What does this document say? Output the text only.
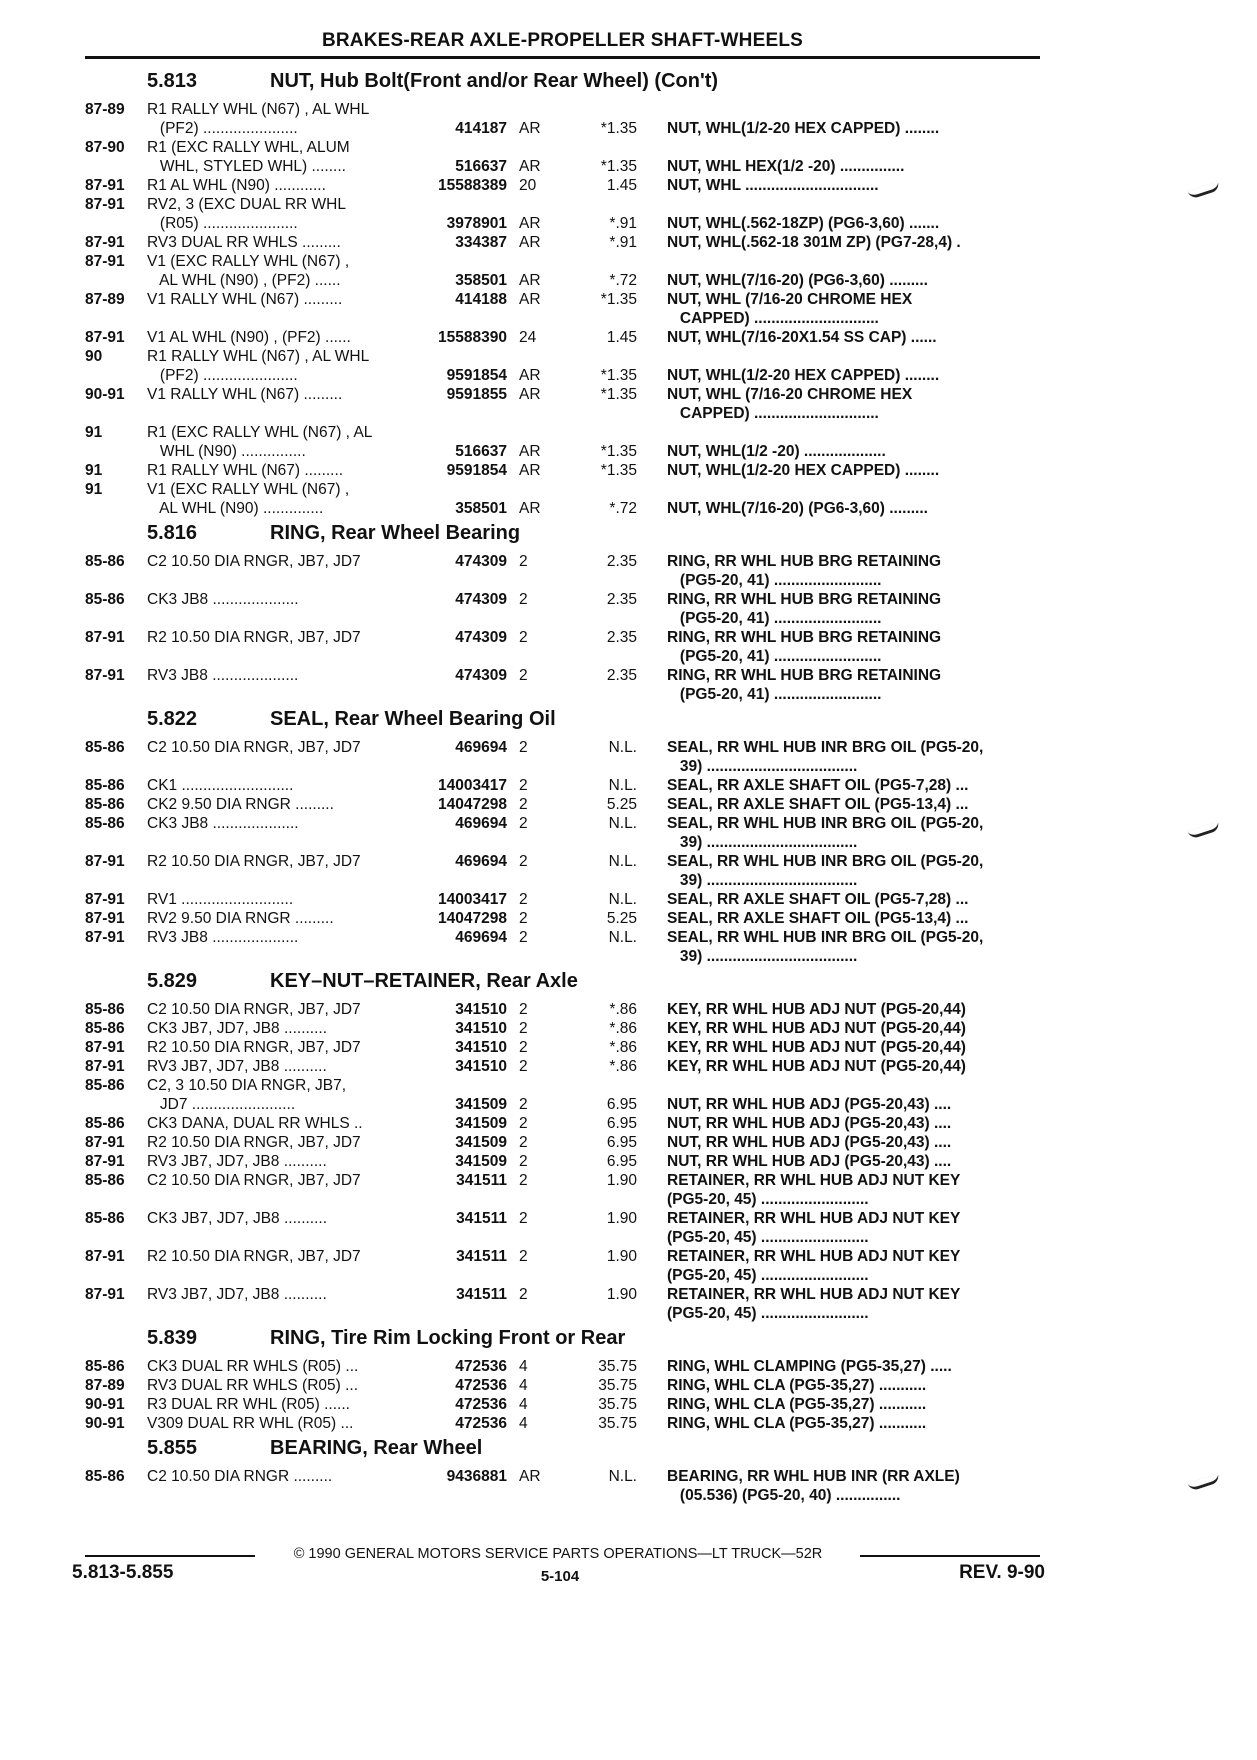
BRAKES-REAR AXLE-PROPELLER SHAFT-WHEELS
5.813	NUT, Hub Bolt(Front and/or Rear Wheel) (Con't)
87-89	R1 RALLY WHL (N67) , AL WHL
(PF2) ......................	414187 AR	*1.35	NUT, WHL(1/2-20 HEX CAPPED) ........
87-90	R1 (EXC RALLY WHL, ALUM
WHL, STYLED WHL) ........	516637 AR	*1.35	NUT, WHL HEX(1/2 -20) ...............
87-91	R1 AL WHL (N90) ............	15588389 20	1.45	NUT, WHL ...............................
87-91	RV2, 3 (EXC DUAL RR WHL
(R05) ......................	3978901 AR	*.91	NUT, WHL(.562-18ZP) (PG6-3,60) .......
87-91	RV3 DUAL RR WHLS .........	334387 AR	*.91	NUT, WHL(.562-18 301M ZP) (PG7-28,4) .
87-91	V1 (EXC RALLY WHL (N67) ,
AL WHL (N90) , (PF2) ......	358501 AR	*.72	NUT, WHL(7/16-20) (PG6-3,60) .........
87-89	V1 RALLY WHL (N67) .........	414188 AR	*1.35	NUT, WHL (7/16-20 CHROME HEX
CAPPED) .............................
87-91	V1 AL WHL (N90) , (PF2) ......	15588390 24	1.45	NUT, WHL(7/16-20X1.54 SS CAP) ......
90	R1 RALLY WHL (N67) , AL WHL
(PF2) ......................	9591854 AR	*1.35	NUT, WHL(1/2-20 HEX CAPPED) ........
90-91	V1 RALLY WHL (N67) .........	9591855 AR	*1.35	NUT, WHL (7/16-20 CHROME HEX
CAPPED) .............................
91	R1 (EXC RALLY WHL (N67) , AL
WHL (N90) ...............	516637 AR	*1.35	NUT, WHL(1/2 -20) ...................
91	R1 RALLY WHL (N67) .........	9591854 AR	*1.35	NUT, WHL(1/2-20 HEX CAPPED) ........
91	V1 (EXC RALLY WHL (N67) ,
AL WHL (N90) ..............	358501 AR	*.72	NUT, WHL(7/16-20) (PG6-3,60) .........
5.816	RING, Rear Wheel Bearing
85-86	C2 10.50 DIA RNGR, JB7, JD7	474309 2	2.35	RING, RR WHL HUB BRG RETAINING
(PG5-20, 41) .........................
85-86	CK3 JB8 ....................	474309 2	2.35	RING, RR WHL HUB BRG RETAINING
(PG5-20, 41) .........................
87-91	R2 10.50 DIA RNGR, JB7, JD7	474309 2	2.35	RING, RR WHL HUB BRG RETAINING
(PG5-20, 41) .........................
87-91	RV3 JB8 ....................	474309 2	2.35	RING, RR WHL HUB BRG RETAINING
(PG5-20, 41) .........................
5.822	SEAL, Rear Wheel Bearing Oil
85-86	C2 10.50 DIA RNGR, JB7, JD7	469694 2	N.L.	SEAL, RR WHL HUB INR BRG OIL (PG5-20,
39) ...................................
85-86	CK1 ..........................	14003417 2	N.L.	SEAL, RR AXLE SHAFT OIL (PG5-7,28) ...
85-86	CK2 9.50 DIA RNGR .........	14047298 2	5.25	SEAL, RR AXLE SHAFT OIL (PG5-13,4) ...
85-86	CK3 JB8 ....................	469694 2	N.L.	SEAL, RR WHL HUB INR BRG OIL (PG5-20,
39) ...................................
87-91	R2 10.50 DIA RNGR, JB7, JD7	469694 2	N.L.	SEAL, RR WHL HUB INR BRG OIL (PG5-20,
39) ...................................
87-91	RV1 ..........................	14003417 2	N.L.	SEAL, RR AXLE SHAFT OIL (PG5-7,28) ...
87-91	RV2 9.50 DIA RNGR .........	14047298 2	5.25	SEAL, RR AXLE SHAFT OIL (PG5-13,4) ...
87-91	RV3 JB8 ....................	469694 2	N.L.	SEAL, RR WHL HUB INR BRG OIL (PG5-20,
39) ...................................
5.829	KEY–NUT–RETAINER, Rear Axle
85-86	C2 10.50 DIA RNGR, JB7, JD7	341510 2	*.86	KEY, RR WHL HUB ADJ NUT (PG5-20,44)
85-86	CK3 JB7, JD7, JB8 ..........	341510 2	*.86	KEY, RR WHL HUB ADJ NUT (PG5-20,44)
87-91	R2 10.50 DIA RNGR, JB7, JD7	341510 2	*.86	KEY, RR WHL HUB ADJ NUT (PG5-20,44)
87-91	RV3 JB7, JD7, JB8 ..........	341510 2	*.86	KEY, RR WHL HUB ADJ NUT (PG5-20,44)
85-86	C2, 3 10.50 DIA RNGR, JB7,
JD7 ........................	341509 2	6.95	NUT, RR WHL HUB ADJ (PG5-20,43) ....
85-86	CK3 DANA, DUAL RR WHLS ..	341509 2	6.95	NUT, RR WHL HUB ADJ (PG5-20,43) ....
87-91	R2 10.50 DIA RNGR, JB7, JD7	341509 2	6.95	NUT, RR WHL HUB ADJ (PG5-20,43) ....
87-91	RV3 JB7, JD7, JB8 ..........	341509 2	6.95	NUT, RR WHL HUB ADJ (PG5-20,43) ....
85-86	C2 10.50 DIA RNGR, JB7, JD7	341511 2	1.90	RETAINER, RR WHL HUB ADJ NUT KEY
(PG5-20, 45) .........................
85-86	CK3 JB7, JD7, JB8 ..........	341511 2	1.90	RETAINER, RR WHL HUB ADJ NUT KEY
(PG5-20, 45) .........................
87-91	R2 10.50 DIA RNGR, JB7, JD7	341511 2	1.90	RETAINER, RR WHL HUB ADJ NUT KEY
(PG5-20, 45) .........................
87-91	RV3 JB7, JD7, JB8 ..........	341511 2	1.90	RETAINER, RR WHL HUB ADJ NUT KEY
(PG5-20, 45) .........................
5.839	RING, Tire Rim Locking Front or Rear
85-86	CK3 DUAL RR WHLS (R05) ...	472536 4	35.75	RING, WHL CLAMPING (PG5-35,27) .....
87-89	RV3 DUAL RR WHLS (R05) ...	472536 4	35.75	RING, WHL CLA (PG5-35,27) ...........
90-91	R3 DUAL RR WHL (R05) ......	472536 4	35.75	RING, WHL CLA (PG5-35,27) ...........
90-91	V309 DUAL RR WHL (R05) ...	472536 4	35.75	RING, WHL CLA (PG5-35,27) ...........
5.855	BEARING, Rear Wheel
85-86	C2 10.50 DIA RNGR .........	9436881 AR	N.L.	BEARING, RR WHL HUB INR (RR AXLE)
(05.536) (PG5-20, 40) ...............
© 1990 GENERAL MOTORS SERVICE PARTS OPERATIONS—LT TRUCK—52R
5.813-5.855	5-104	REV. 9-90
